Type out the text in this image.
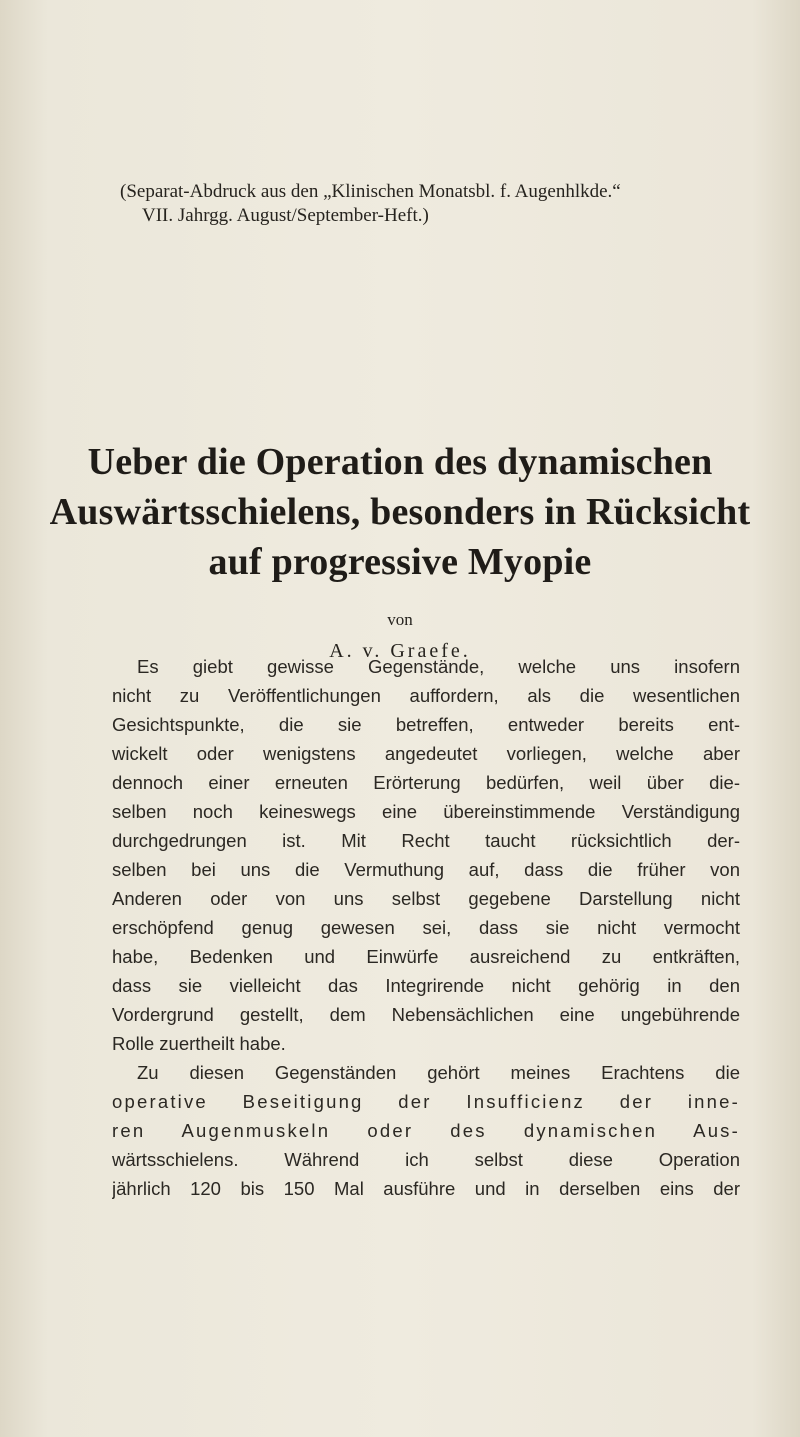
(Separat-Abdruck aus den „Klinischen Monatsbl. f. Augenhlkde.“
VII. Jahrgg. August/September-Heft.)
Ueber die Operation des dynamischen
Auswärtsschielens, besonders in Rücksicht
auf progressive Myopie
von
A. v. Graefe.
Es giebt gewisse Gegenstände, welche uns insofern
nicht zu Veröffentlichungen auffordern, als die wesentlichen
Gesichtspunkte, die sie betreffen, entweder bereits ent-
wickelt oder wenigstens angedeutet vorliegen, welche aber
dennoch einer erneuten Erörterung bedürfen, weil über die-
selben noch keineswegs eine übereinstimmende Verständigung
durchgedrungen ist. Mit Recht taucht rücksichtlich der-
selben bei uns die Vermuthung auf, dass die früher von
Anderen oder von uns selbst gegebene Darstellung nicht
erschöpfend genug gewesen sei, dass sie nicht vermocht
habe, Bedenken und Einwürfe ausreichend zu entkräften,
dass sie vielleicht das Integrirende nicht gehörig in den
Vordergrund gestellt, dem Nebensächlichen eine ungebührende
Rolle zuertheilt habe.
Zu diesen Gegenständen gehört meines Erachtens die
operative Beseitigung der Insufficienz der inne-
ren Augenmuskeln oder des dynamischen Aus-
wärtsschielens. Während ich selbst diese Operation
jährlich 120 bis 150 Mal ausführe und in derselben eins der
